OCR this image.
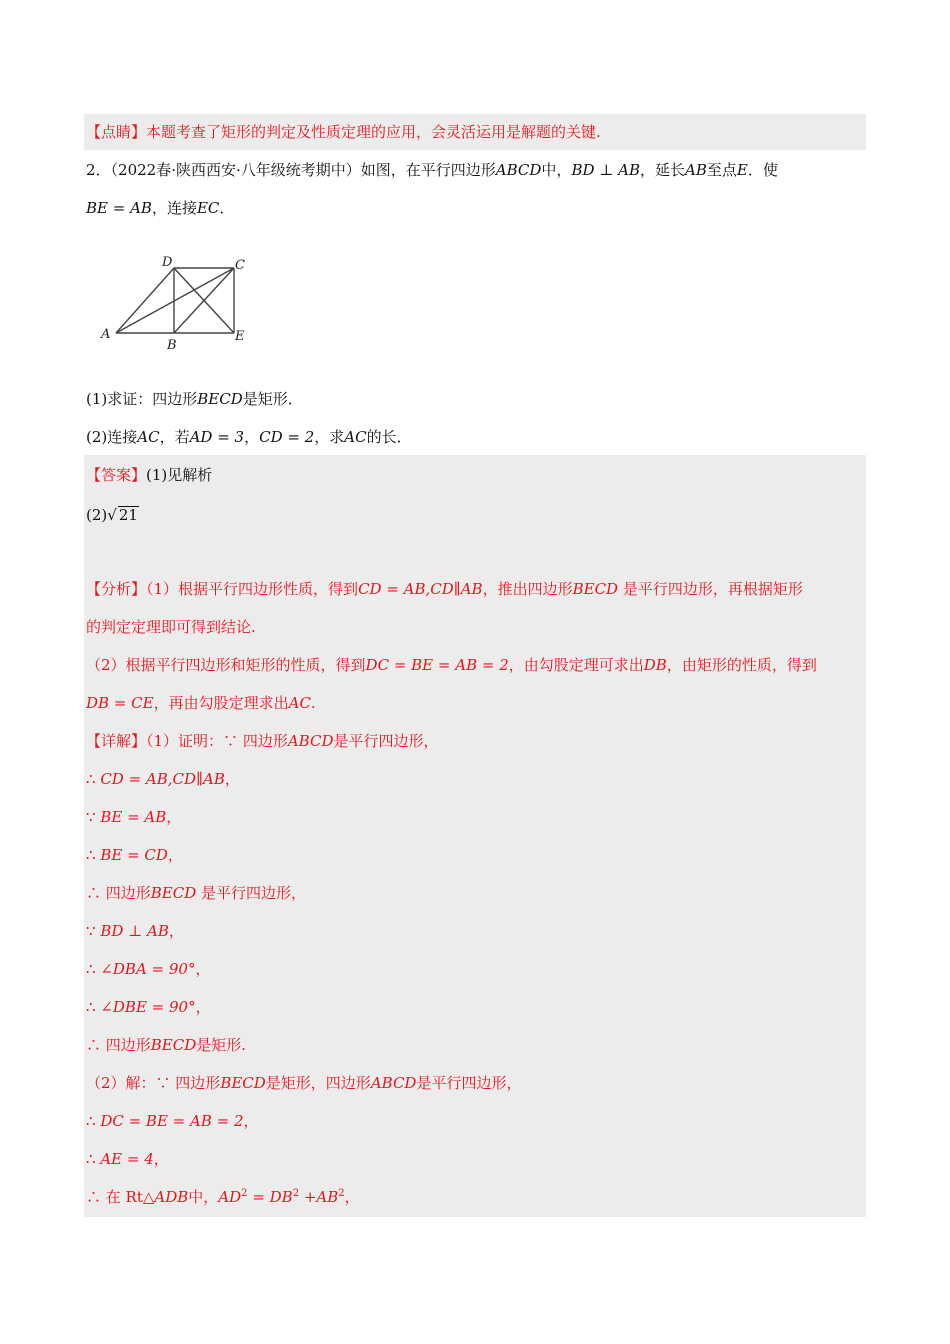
【点睛】本题考查了矩形的判定及性质定理的应用，会灵活运用是解题的关键.
2．（2022春·陕西西安·八年级统考期中）如图，在平行四边形ABCD中，BD ⊥ AB，延长AB至点E．使
BE = AB，连接EC．
D	C
A
B
E
(1)求证：四边形BECD是矩形．
(2)连接AC，若AD = 3，CD = 2，求AC的长．
【答案】(1)见解析
(2)√ 21
【分析】（1）根据平行四边形性质，得到CD = AB,CD∥AB，推出四边形BECD 是平行四边形，再根据矩形
的判定定理即可得到结论.
（2）根据平行四边形和矩形的性质，得到DC = BE = AB = 2，由勾股定理可求出DB，由矩形的性质，得到
DB = CE，再由勾股定理求出AC.
【详解】（1）证明：∵ 四边形ABCD是平行四边形，
∴ CD = AB,CD∥AB，
∵ BE = AB，
∴ BE = CD，
∴ 四边形BECD 是平行四边形，
∵ BD ⊥ AB，
∴ ∠DBA = 90°，
∴ ∠DBE = 90°，
∴ 四边形BECD是矩形.
（2）解：∵ 四边形BECD是矩形，四边形ABCD是平行四边形，
∴ DC = BE = AB = 2，
∴ AE = 4，
∴ 在 Rt△ADB中，$AD^2 = DB^2 +AB^2$，
